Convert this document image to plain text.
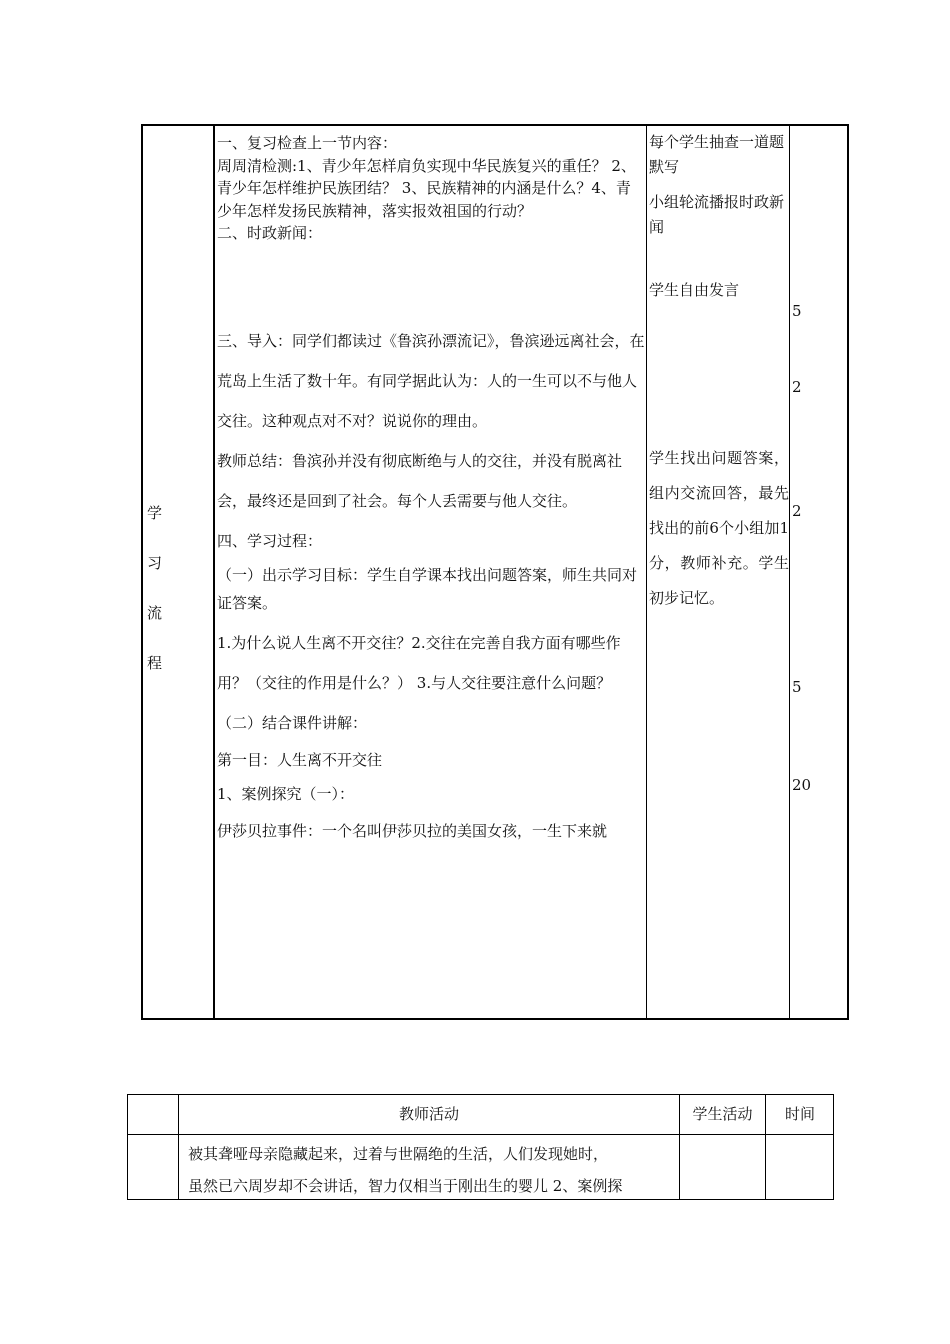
学
习
流
程

一、复习检查上一节内容：

周周清检测:1、青少年怎样肩负实现中华民族复兴的重任？ 2、青少年怎样维护民族团结？ 3、民族精神的内涵是什么？4、青少年怎样发扬民族精神，落实报效祖国的行动？

二、时政新闻：

三、导入：同学们都读过《鲁滨孙漂流记》，鲁滨逊远离社会，在荒岛上生活了数十年。有同学据此认为：人的一生可以不与他人交往。这种观点对不对？说说你的理由。

教师总结：鲁滨孙并没有彻底断绝与人的交往，并没有脱离社会，最终还是回到了社会。每个人丢需要与他人交往。

四、学习过程：

（一）出示学习目标：学生自学课本找出问题答案，师生共同对证答案。

1.为什么说人生离不开交往？2.交往在完善自我方面有哪些作用？（交往的作用是什么？） 3.与人交往要注意什么问题？

（二）结合课件讲解：

第一目：人生离不开交往

1、案例探究（一）：

伊莎贝拉事件：一个名叫伊莎贝拉的美国女孩，一生下来就

每个学生抽查一道题默写

小组轮流播报时政新闻

学生自由发言

学生找出问题答案，组内交流回答，最先找出的前6个小组加1分，教师补充。学生初步记忆。

5
2
2
5
20
教师活动	学生活动	时间

被其聋哑母亲隐藏起来，过着与世隔绝的生活，人们发现她时，

虽然已六周岁却不会讲话，智力仅相当于刚出生的婴儿 2、案例探
